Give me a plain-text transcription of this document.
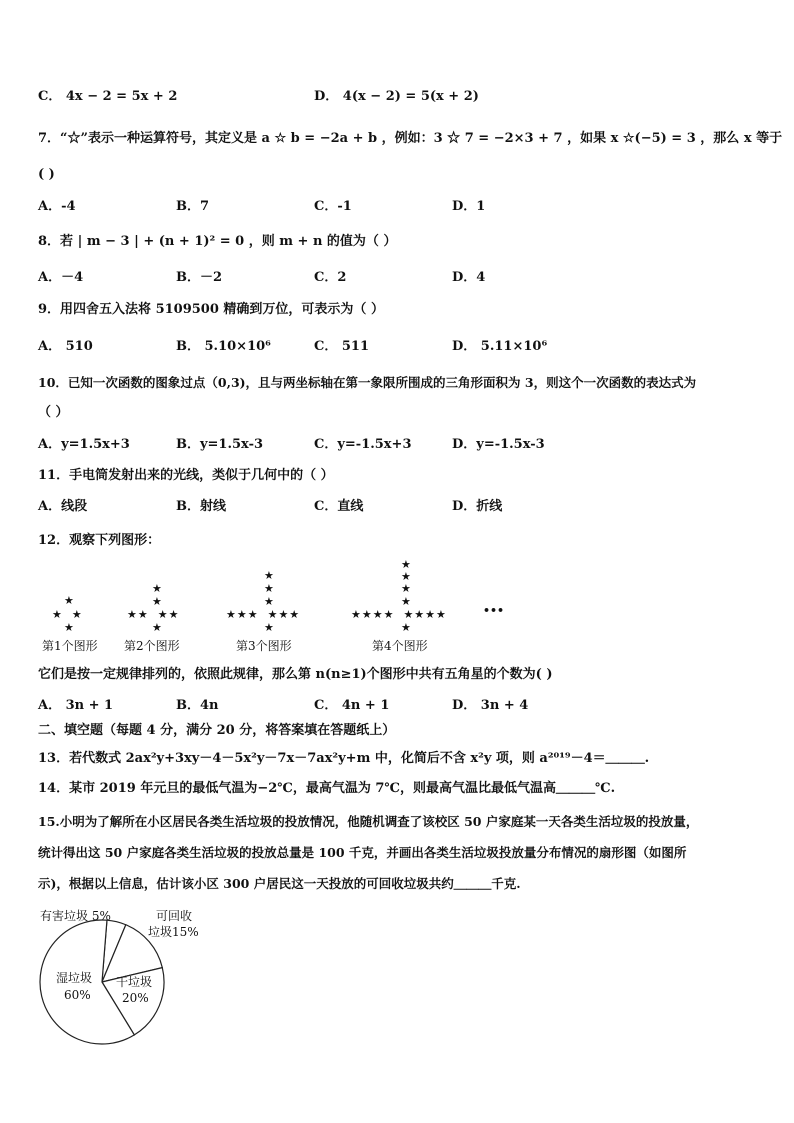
C． 4x − 2 = 5x + 2	D． 4(x − 2) = 5(x + 2)
7．“☆”表示一种运算符号，其定义是 a ☆ b = −2a + b ，例如：3 ☆ 7 = −2×3 + 7 ，如果 x ☆(−5) = 3 ，那么 x 等于
( )
A．-4	B．7	C．-1	D．1
8．若 | m − 3 | + (n + 1)² = 0 ，则 m + n 的值为（ ）
A．－4	B．－2	C．2	D．4
9．用四舍五入法将 5109500 精确到万位，可表示为（ ）
A． 510	B． 5.10×10⁶	C． 511	D． 5.11×10⁶
10．已知一次函数的图象过点（0,3)，且与两坐标轴在第一象限所围成的三角形面积为 3，则这个一次函数的表达式为
（ ）
A．y=1.5x+3	B．y=1.5x-3	C．y=-1.5x+3	D．y=-1.5x-3
11．手电筒发射出来的光线，类似于几何中的（ ）
A．线段	B．射线	C．直线	D．折线
12．观察下列图形：
★
★  ★
★
第1个图形
★
★
★★  ★★
★
第2个图形
★
★
★
★★★  ★★★
★
第3个图形
★
★
★
★
★★★★  ★★★★
★
第4个图形
•••
它们是按一定规律排列的，依照此规律，那么第 n(n≥1)个图形中共有五角星的个数为( )
A． 3n + 1	B．4n	C． 4n + 1	D． 3n + 4
二、填空题（每题 4 分，满分 20 分，将答案填在答题纸上）
13．若代数式 2ax²y+3xy－4－5x²y－7x－7ax²y+m 中，化简后不含 x²y 项，则 a²⁰¹⁹－4＝＿＿＿.
14．某市 2019 年元旦的最低气温为−2℃，最高气温为 7℃，则最高气温比最低气温高＿＿＿℃.
15.小明为了解所在小区居民各类生活垃圾的投放情况，他随机调查了该校区 50 户家庭某一天各类生活垃圾的投放量，
统计得出这 50 户家庭各类生活垃圾的投放总量是 100 千克，并画出各类生活垃圾投放量分布情况的扇形图（如图所
示)，根据以上信息，估计该小区 300 户居民这一天投放的可回收垃圾共约＿＿＿千克.
有害垃圾 5%	可回收
垃圾15%
干垃圾
20%
湿垃圾
60%
